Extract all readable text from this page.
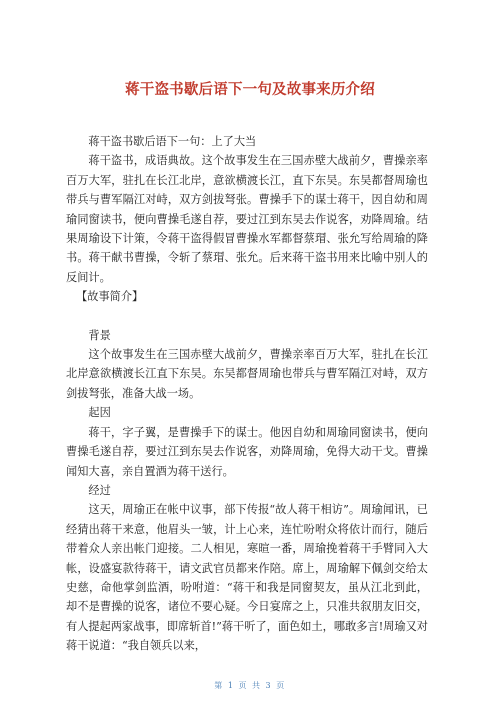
蒋干盗书歇后语下一句及故事来历介绍

蒋干盗书歇后语下一句：上了大当

蒋干盗书，成语典故。这个故事发生在三国赤壁大战前夕，曹操亲率百万大军，驻扎在长江北岸，意欲横渡长江，直下东吴。东吴都督周瑜也带兵与曹军隔江对峙，双方剑拔弩张。曹操手下的谋士蒋干，因自幼和周瑜同窗读书，便向曹操毛遂自荐，要过江到东吴去作说客，劝降周瑜。结果周瑜设下计策，令蒋干盗得假冒曹操水军都督蔡瑁、张允写给周瑜的降书。蒋干献书曹操，令斩了蔡瑁、张允。后来蒋干盗书用来比喻中别人的反间计。

【故事简介】

背景

这个故事发生在三国赤壁大战前夕，曹操亲率百万大军，驻扎在长江北岸意欲横渡长江直下东吴。东吴都督周瑜也带兵与曹军隔江对峙，双方剑拔弩张，准备大战一场。

起因

蒋干，字子翼，是曹操手下的谋士。他因自幼和周瑜同窗读书，便向曹操毛遂自荐，要过江到东吴去作说客，劝降周瑜，免得大动干戈。曹操闻知大喜，亲自置酒为蒋干送行。

经过

这天，周瑜正在帐中议事，部下传报“故人蒋干相访”。周瑜闻讯，已经猜出蒋干来意，他眉头一皱，计上心来，连忙吩咐众将依计而行，随后带着众人亲出帐门迎接。二人相见，寒暄一番，周瑜挽着蒋干手臂同入大帐，设盛宴款待蒋干，请文武官员都来作陪。席上，周瑜解下佩剑交给太史慈，命他掌剑监酒，吩咐道：“蒋干和我是同窗契友，虽从江北到此，却不是曹操的说客，诸位不要心疑。今日宴席之上，只准共叙朋友旧交，有人提起两家战事，即席斩首!”蒋干听了，面色如土，哪敢多言!周瑜又对蒋干说道：“我自领兵以来，

第 1 页 共 3 页
